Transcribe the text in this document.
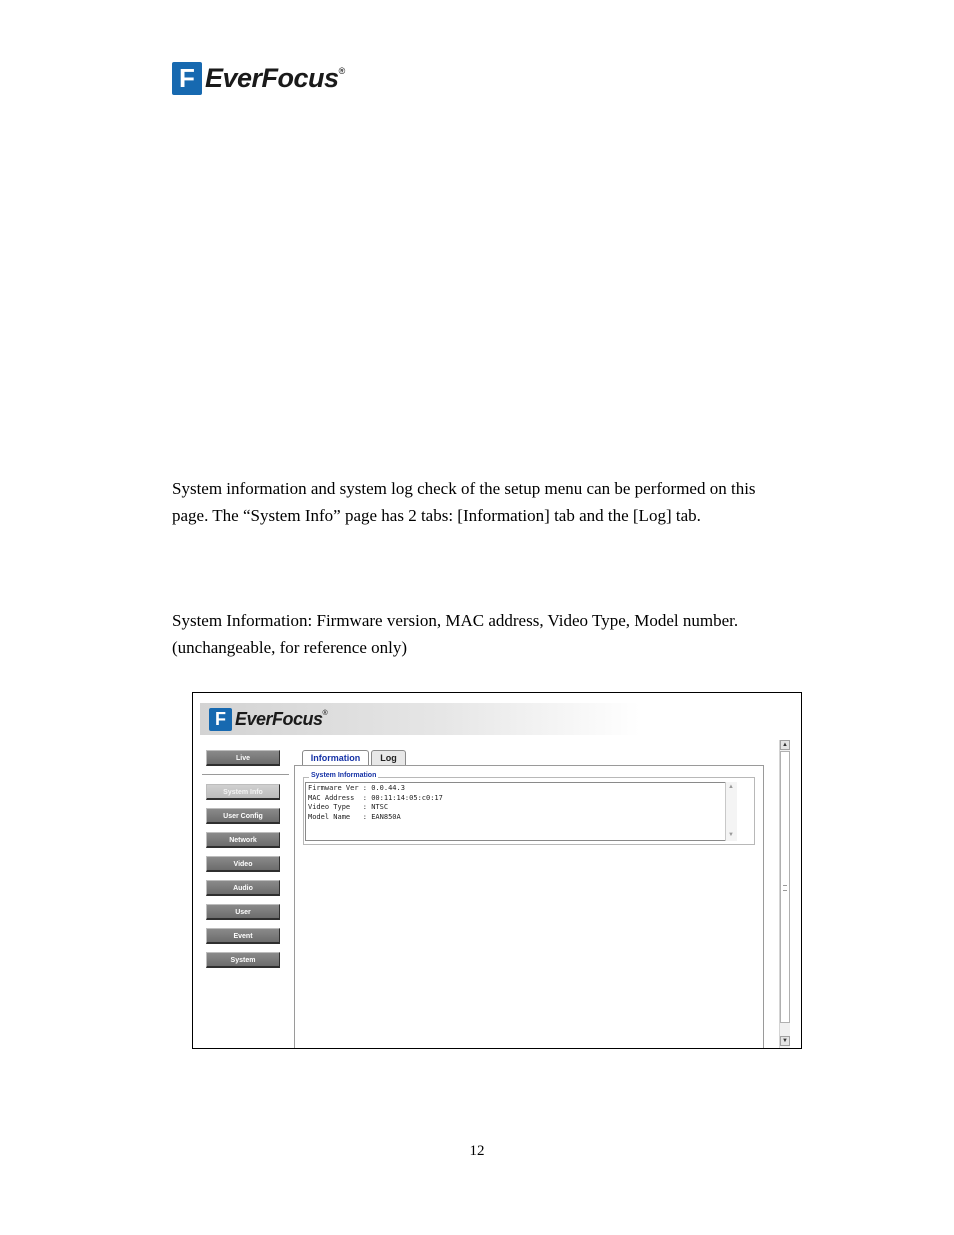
F EverFocus ®

System information and system log check of the setup menu can be performed on this page. The “System Info” page has 2 tabs: [Information] tab and the [Log] tab.

System Information: Firmware version, MAC address, Video Type, Model number. (unchangeable, for reference only)

F EverFocus ®
Live
System Info
User Config
Network
Video
Audio
User
Event
System
Information	Log
System Information
Firmware Ver : 0.0.44.3
MAC Address  : 00:11:14:05:c0:17
Video Type   : NTSC
Model Name   : EAN850A
▲
▼
▲
▼
12
